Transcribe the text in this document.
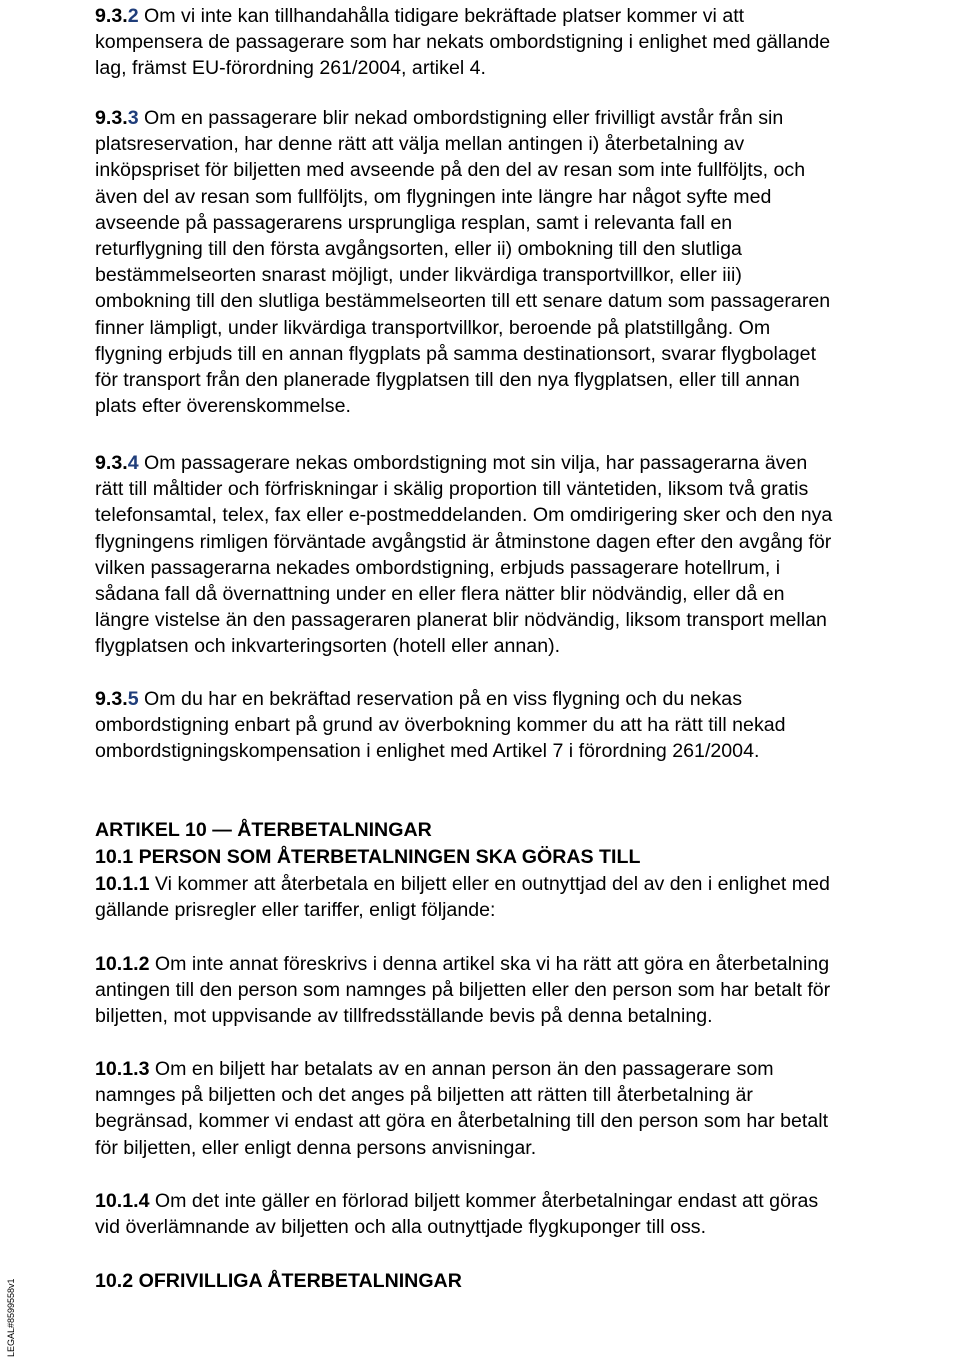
9.3.2 Om vi inte kan tillhandahålla tidigare bekräftade platser kommer vi att
kompensera de passagerare som har nekats ombordstigning i enlighet med gällande
lag, främst EU-förordning 261/2004, artikel 4.
9.3.3 Om en passagerare blir nekad ombordstigning eller frivilligt avstår från sin
platsreservation, har denne rätt att välja mellan antingen i) återbetalning av
inköpspriset för biljetten med avseende på den del av resan som inte fullföljts, och
även del av resan som fullföljts, om flygningen inte längre har något syfte med
avseende på passagerarens ursprungliga resplan, samt i relevanta fall en
returflygning till den första avgångsorten, eller ii) ombokning till den slutliga
bestämmelseorten snarast möjligt, under likvärdiga transportvillkor, eller iii)
ombokning till den slutliga bestämmelseorten till ett senare datum som passageraren
finner lämpligt, under likvärdiga transportvillkor, beroende på platstillgång. Om
flygning erbjuds till en annan flygplats på samma destinationsort, svarar flygbolaget
för transport från den planerade flygplatsen till den nya flygplatsen, eller till annan
plats efter överenskommelse.
9.3.4 Om passagerare nekas ombordstigning mot sin vilja, har passagerarna även
rätt till måltider och förfriskningar i skälig proportion till väntetiden, liksom två gratis
telefonsamtal, telex, fax eller e-postmeddelanden. Om omdirigering sker och den nya
flygningens rimligen förväntade avgångstid är åtminstone dagen efter den avgång för
vilken passagerarna nekades ombordstigning, erbjuds passagerare hotellrum, i
sådana fall då övernattning under en eller flera nätter blir nödvändig, eller då en
längre vistelse än den passageraren planerat blir nödvändig, liksom transport mellan
flygplatsen och inkvarteringsorten (hotell eller annan).
9.3.5 Om du har en bekräftad reservation på en viss flygning och du nekas
ombordstigning enbart på grund av överbokning kommer du att ha rätt till nekad
ombordstigningskompensation i enlighet med Artikel 7 i förordning 261/2004.
ARTIKEL 10 — ÅTERBETALNINGAR
10.1 PERSON SOM ÅTERBETALNINGEN SKA GÖRAS TILL
10.1.1 Vi kommer att återbetala en biljett eller en outnyttjad del av den i enlighet med
gällande prisregler eller tariffer, enligt följande:
10.1.2 Om inte annat föreskrivs i denna artikel ska vi ha rätt att göra en återbetalning
antingen till den person som namnges på biljetten eller den person som har betalt för
biljetten, mot uppvisande av tillfredsställande bevis på denna betalning.
10.1.3 Om en biljett har betalats av en annan person än den passagerare som
namnges på biljetten och det anges på biljetten att rätten till återbetalning är
begränsad, kommer vi endast att göra en återbetalning till den person som har betalt
för biljetten, eller enligt denna persons anvisningar.
10.1.4 Om det inte gäller en förlorad biljett kommer återbetalningar endast att göras
vid överlämnande av biljetten och alla outnyttjade flygkuponger till oss.
10.2 OFRIVILLIGA ÅTERBETALNINGAR
LEGAL#8599558v1
